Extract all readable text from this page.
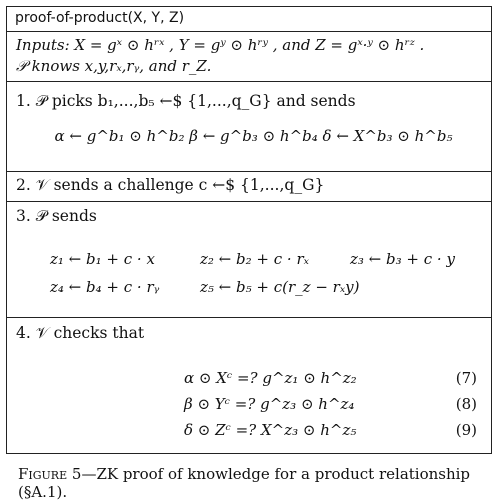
proof-of-product(X, Y, Z)
Inputs: X = gˣ ⊙ hʳˣ , Y = gʸ ⊙ hʳʸ , and Z = gˣ·ʸ ⊙ hʳᶻ .
𝒫 knows x,y,rₓ,rᵧ, and r_Z.
1. 𝒫 picks b₁,...,b₅ ←$ {1,...,q_G} and sends
α ← g^b₁ ⊙ h^b₂ β ← g^b₃ ⊙ h^b₄ δ ← X^b₃ ⊙ h^b₅
2. 𝒱 sends a challenge c ←$ {1,...,q_G}
3. 𝒫 sends
z₁ ← b₁ + c · x	z₂ ← b₂ + c · rₓ	z₃ ← b₃ + c · y
z₄ ← b₄ + c · rᵧ	z₅ ← b₅ + c(r_z − rₓy)
4. 𝒱 checks that
α ⊙ Xᶜ =? g^z₁ ⊙ h^z₂	(7)
β ⊙ Yᶜ =? g^z₃ ⊙ h^z₄	(8)
δ ⊙ Zᶜ =? X^z₃ ⊙ h^z₅	(9)
Figure 5—ZK proof of knowledge for a product relationship (§A.1).
